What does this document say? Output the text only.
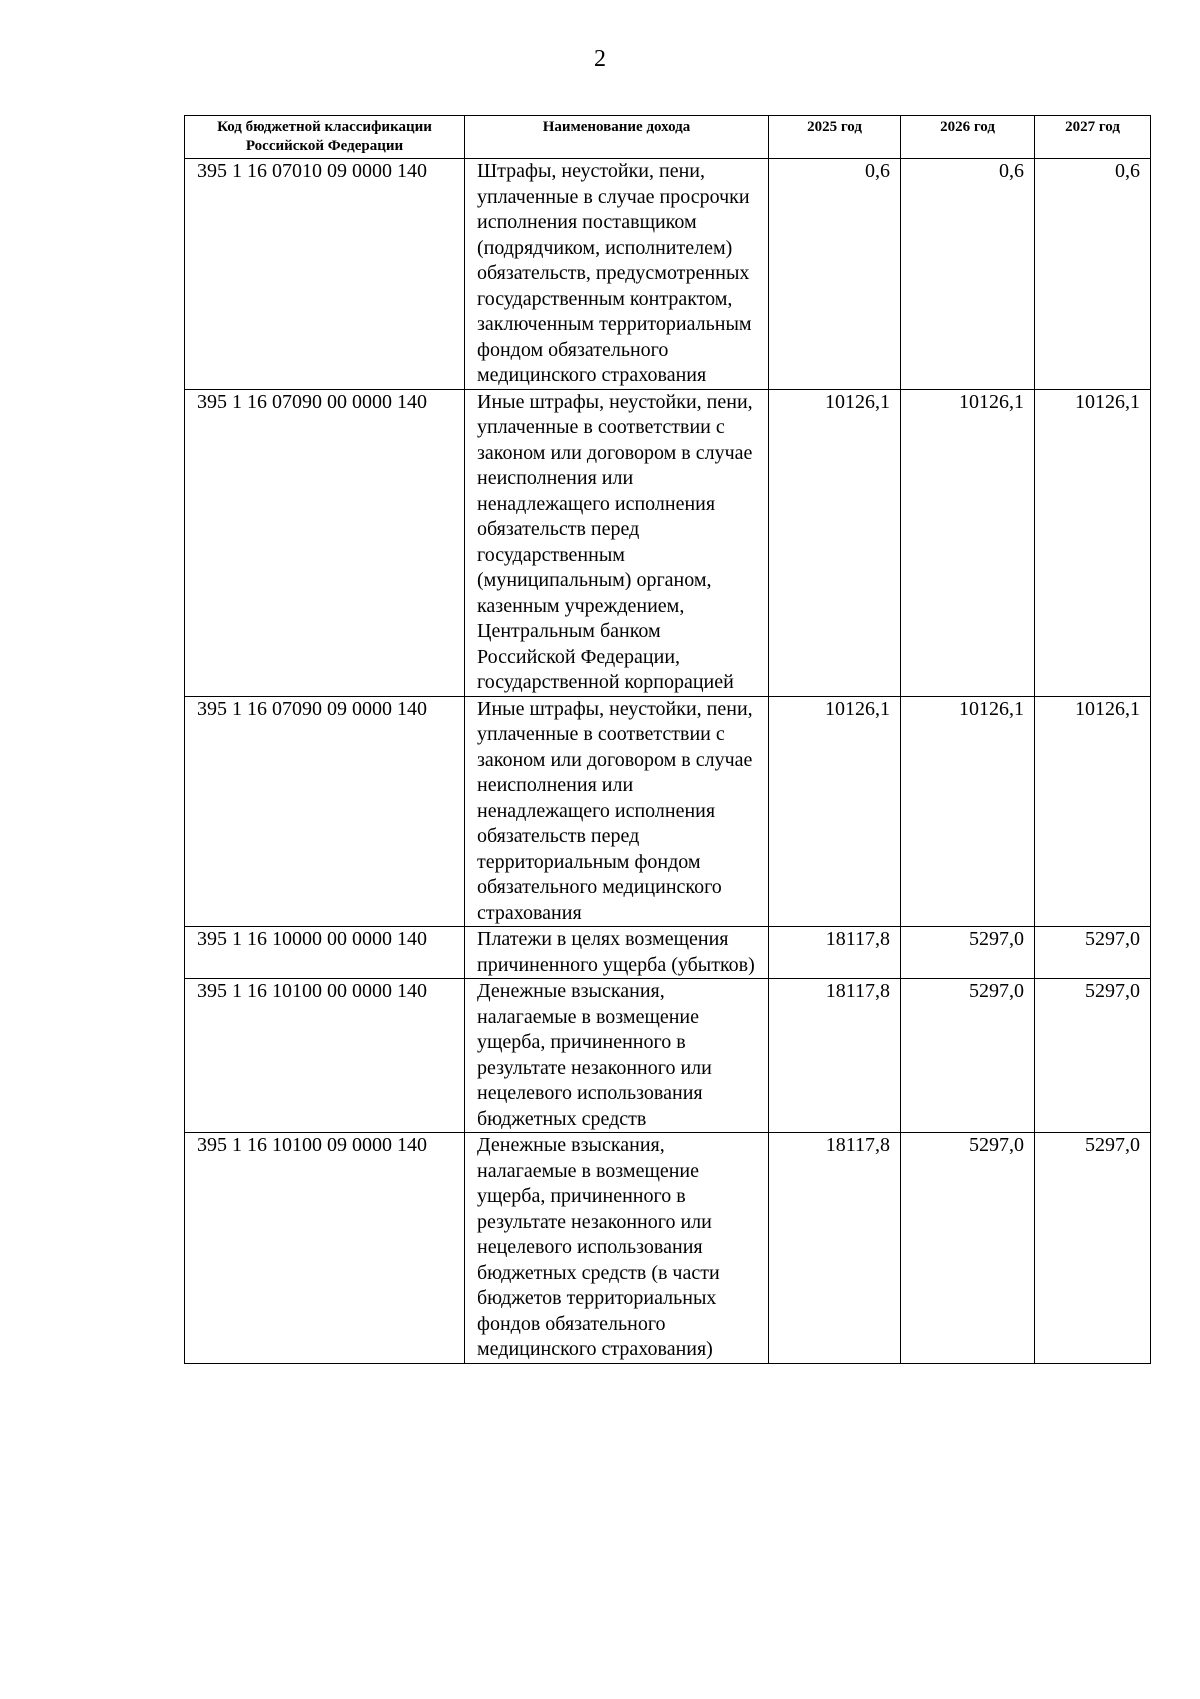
2
Код бюджетной классификации Российской Федерации	Наименование дохода	2025 год	2026 год	2027 год
395 1 16 07010 09 0000 140	Штрафы, неустойки, пени, уплаченные в случае просрочки исполнения поставщиком (подрядчиком, исполнителем) обязательств, предусмотренных государственным контрактом, заключенным территориальным фондом обязательного медицинского страхования	0,6	0,6	0,6
395 1 16 07090 00 0000 140	Иные штрафы, неустойки, пени, уплаченные в соответствии с законом или договором в случае неисполнения или ненадлежащего исполнения обязательств перед государственным (муниципальным) органом, казенным учреждением, Центральным банком Российской Федерации, государственной корпорацией	10126,1	10126,1	10126,1
395 1 16 07090 09 0000 140	Иные штрафы, неустойки, пени, уплаченные в соответствии с законом или договором в случае неисполнения или ненадлежащего исполнения обязательств перед территориальным фондом обязательного медицинского страхования	10126,1	10126,1	10126,1
395 1 16 10000 00 0000 140	Платежи в целях возмещения причиненного ущерба (убытков)	18117,8	5297,0	5297,0
395 1 16 10100 00 0000 140	Денежные взыскания, налагаемые в возмещение ущерба, причиненного в результате незаконного или нецелевого использования бюджетных средств	18117,8	5297,0	5297,0
395 1 16 10100 09 0000 140	Денежные взыскания, налагаемые в возмещение ущерба, причиненного в результате незаконного или нецелевого использования бюджетных средств (в части бюджетов территориальных фондов обязательного медицинского страхования)	18117,8	5297,0	5297,0
